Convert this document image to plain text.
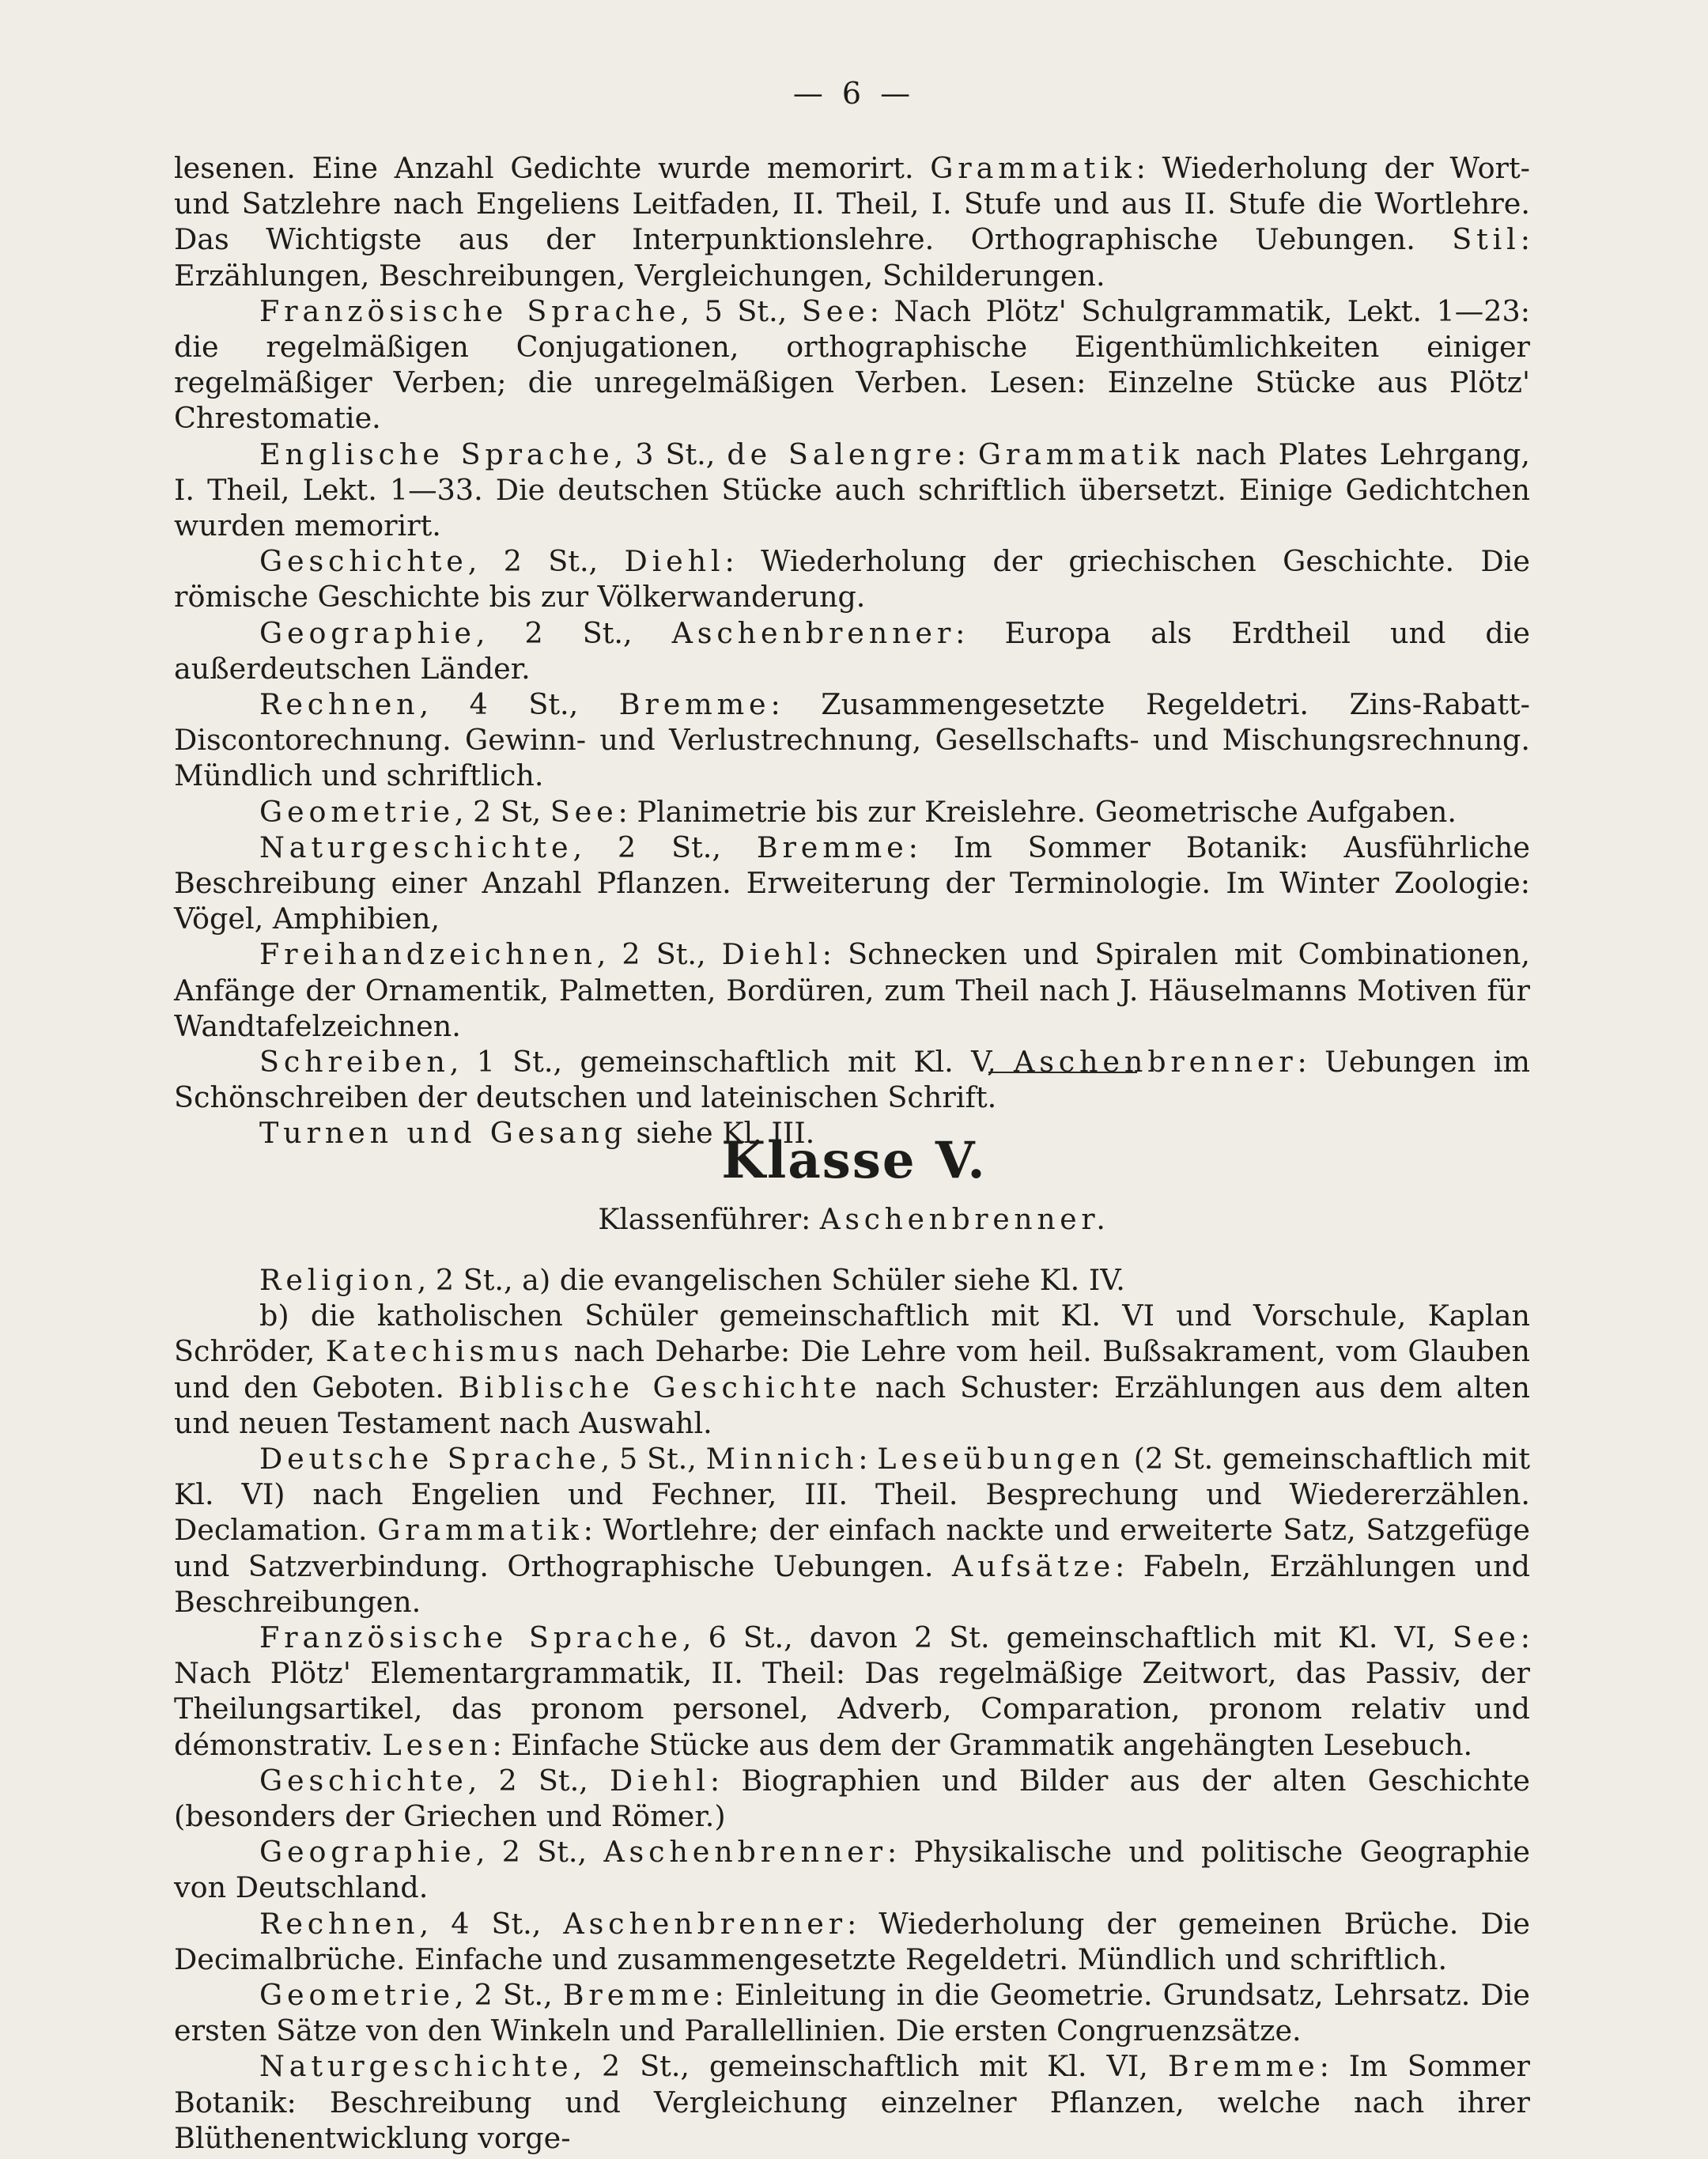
— 6 —

lesenen. Eine Anzahl Gedichte wurde memorirt. Grammatik: Wiederholung der Wort- und Satzlehre nach Engeliens Leitfaden, II. Theil, I. Stufe und aus II. Stufe die Wortlehre. Das Wichtigste aus der Interpunktionslehre. Orthographische Uebungen. Stil: Erzählungen, Beschreibungen, Vergleichungen, Schilderungen.

Französische Sprache, 5 St., See: Nach Plötz' Schulgrammatik, Lekt. 1—23: die regelmäßigen Conjugationen, orthographische Eigenthümlichkeiten einiger regelmäßiger Verben; die unregelmäßigen Verben. Lesen: Einzelne Stücke aus Plötz' Chrestomatie.

Englische Sprache, 3 St., de Salengre: Grammatik nach Plates Lehrgang, I. Theil, Lekt. 1—33. Die deutschen Stücke auch schriftlich übersetzt. Einige Gedichtchen wurden memorirt.

Geschichte, 2 St., Diehl: Wiederholung der griechischen Geschichte. Die römische Geschichte bis zur Völkerwanderung.

Geographie, 2 St., Aschenbrenner: Europa als Erdtheil und die außerdeutschen Länder.

Rechnen, 4 St., Bremme: Zusammengesetzte Regeldetri. Zins-Rabatt-Discontorechnung. Gewinn- und Verlustrechnung, Gesellschafts- und Mischungsrechnung. Mündlich und schriftlich.

Geometrie, 2 St, See: Planimetrie bis zur Kreislehre. Geometrische Aufgaben.

Naturgeschichte, 2 St., Bremme: Im Sommer Botanik: Ausführliche Beschreibung einer Anzahl Pflanzen. Erweiterung der Terminologie. Im Winter Zoologie: Vögel, Amphibien,

Freihandzeichnen, 2 St., Diehl: Schnecken und Spiralen mit Combinationen, Anfänge der Ornamentik, Palmetten, Bordüren, zum Theil nach J. Häuselmanns Motiven für Wandtafelzeichnen.

Schreiben, 1 St., gemeinschaftlich mit Kl. V, Aschenbrenner: Uebungen im Schönschreiben der deutschen und lateinischen Schrift.

Turnen und Gesang siehe Kl. III.

Klasse V.
Klassenführer: Aschenbrenner.

Religion, 2 St., a) die evangelischen Schüler siehe Kl. IV.

b) die katholischen Schüler gemeinschaftlich mit Kl. VI und Vorschule, Kaplan Schröder, Katechismus nach Deharbe: Die Lehre vom heil. Bußsakrament, vom Glauben und den Geboten. Biblische Geschichte nach Schuster: Erzählungen aus dem alten und neuen Testament nach Auswahl.

Deutsche Sprache, 5 St., Minnich: Leseübungen (2 St. gemeinschaftlich mit Kl. VI) nach Engelien und Fechner, III. Theil. Besprechung und Wiedererzählen. Declamation. Grammatik: Wortlehre; der einfach nackte und erweiterte Satz, Satzgefüge und Satzverbindung. Orthographische Uebungen. Aufsätze: Fabeln, Erzählungen und Beschreibungen.

Französische Sprache, 6 St., davon 2 St. gemeinschaftlich mit Kl. VI, See: Nach Plötz' Elementargrammatik, II. Theil: Das regelmäßige Zeitwort, das Passiv, der Theilungsartikel, das pronom personel, Adverb, Comparation, pronom relativ und démonstrativ. Lesen: Einfache Stücke aus dem der Grammatik angehängten Lesebuch.

Geschichte, 2 St., Diehl: Biographien und Bilder aus der alten Geschichte (besonders der Griechen und Römer.)

Geographie, 2 St., Aschenbrenner: Physikalische und politische Geographie von Deutschland.

Rechnen, 4 St., Aschenbrenner: Wiederholung der gemeinen Brüche. Die Decimalbrüche. Einfache und zusammengesetzte Regeldetri. Mündlich und schriftlich.

Geometrie, 2 St., Bremme: Einleitung in die Geometrie. Grundsatz, Lehrsatz. Die ersten Sätze von den Winkeln und Parallellinien. Die ersten Congruenzsätze.

Naturgeschichte, 2 St., gemeinschaftlich mit Kl. VI, Bremme: Im Sommer Botanik: Beschreibung und Vergleichung einzelner Pflanzen, welche nach ihrer Blüthenentwicklung vorge-
